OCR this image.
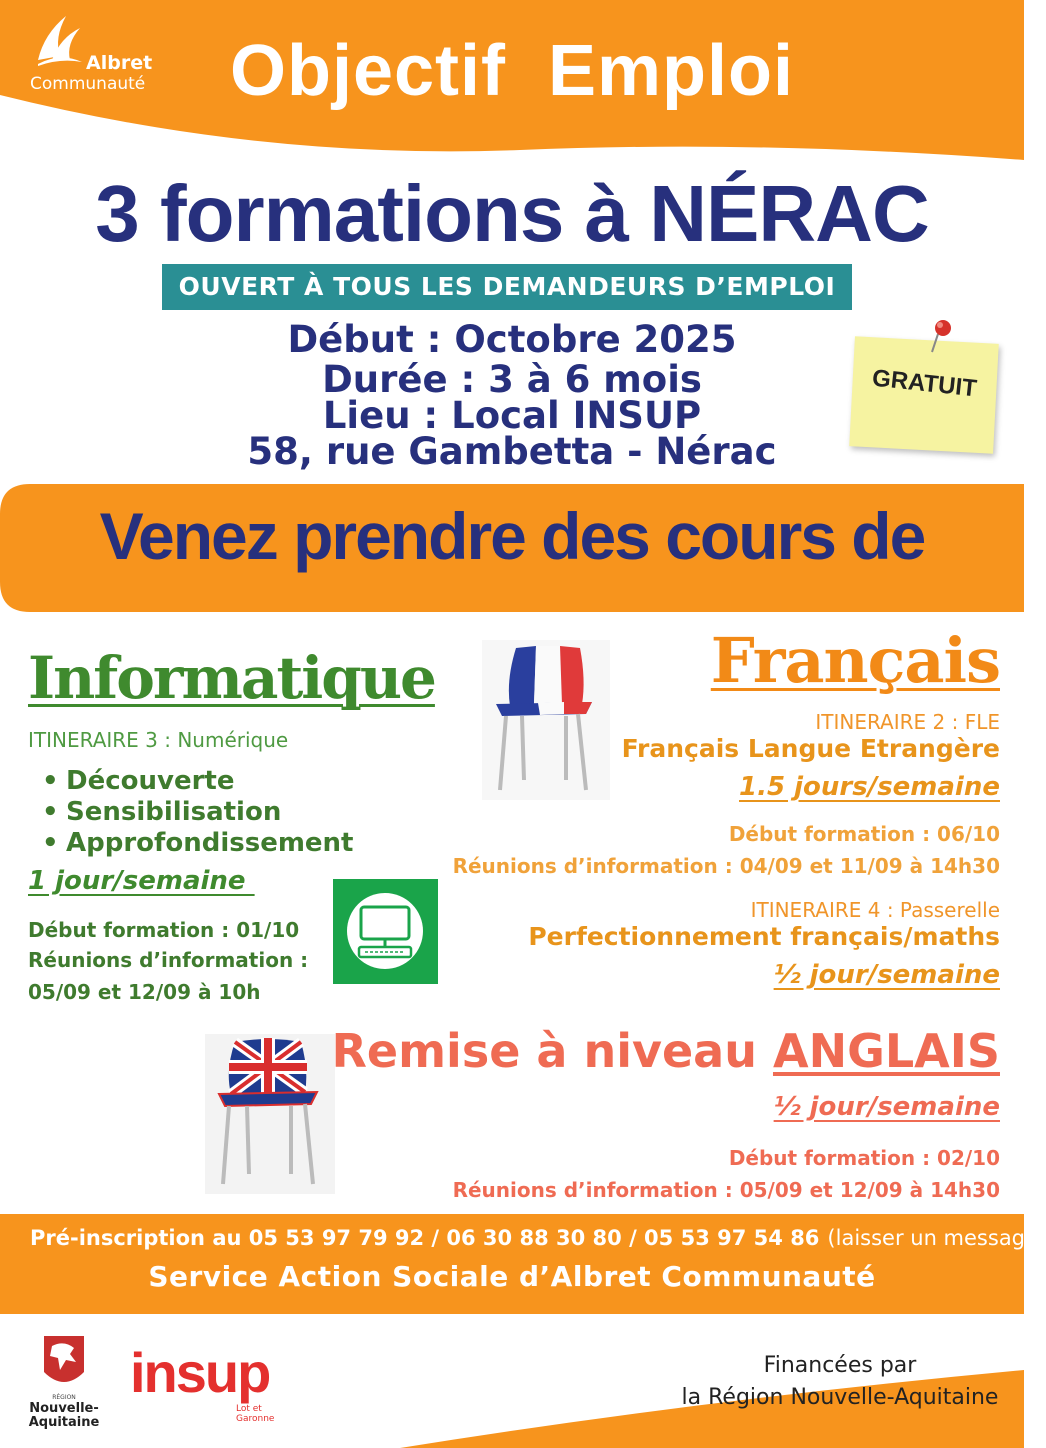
Albret
Communauté	Objectif  Emploi
3 formations à NÉRAC
OUVERT À TOUS LES DEMANDEURS D’EMPLOI
Début : Octobre 2025
Durée : 3 à 6 mois
Lieu : Local INSUP
58, rue Gambetta - Nérac
GRATUIT
Venez prendre des cours de
Informatique
ITINERAIRE 3 : Numérique
• Découverte
• Sensibilisation
• Approfondissement
1 jour/semaine
Début formation : 01/10
Réunions d’information :
05/09 et 12/09 à 10h
Français
ITINERAIRE 2 : FLE
Français Langue Etrangère
1.5 jours/semaine
Début formation : 06/10
Réunions d’information : 04/09 et 11/09 à 14h30
ITINERAIRE 4 : Passerelle
Perfectionnement français/maths
½ jour/semaine
Remise à niveau ANGLAIS
½ jour/semaine
Début formation : 02/10
Réunions d’information : 05/09 et 12/09 à 14h30
Pré-inscription au 05 53 97 79 92 / 06 30 88 30 80 / 05 53 97 54 86 (laisser un message)
Service Action Sociale d’Albret Communauté
RÉGION
Nouvelle-Aquitaine
insup
Lot et Garonne
Financées par
la Région Nouvelle-Aquitaine
